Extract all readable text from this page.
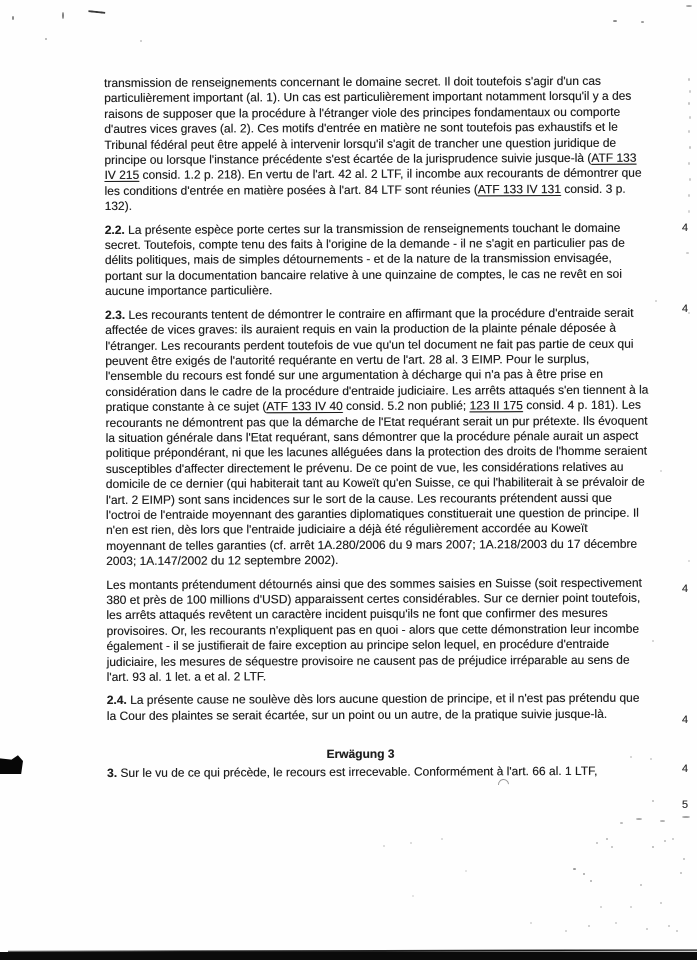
transmission de renseignements concernant le domaine secret. Il doit toutefois s'agir d'un cas particulièrement important (al. 1). Un cas est particulièrement important notamment lorsqu'il y a des raisons de supposer que la procédure à l'étranger viole des principes fondamentaux ou comporte d'autres vices graves (al. 2). Ces motifs d'entrée en matière ne sont toutefois pas exhaustifs et le Tribunal fédéral peut être appelé à intervenir lorsqu'il s'agit de trancher une question juridique de principe ou lorsque l'instance précédente s'est écartée de la jurisprudence suivie jusque-là (ATF 133 IV 215 consid. 1.2 p. 218). En vertu de l'art. 42 al. 2 LTF, il incombe aux recourants de démontrer que les conditions d'entrée en matière posées à l'art. 84 LTF sont réunies (ATF 133 IV 131 consid. 3 p. 132).
2.2. La présente espèce porte certes sur la transmission de renseignements touchant le domaine secret. Toutefois, compte tenu des faits à l'origine de la demande - il ne s'agit en particulier pas de délits politiques, mais de simples détournements - et de la nature de la transmission envisagée, portant sur la documentation bancaire relative à une quinzaine de comptes, le cas ne revêt en soi aucune importance particulière.
2.3. Les recourants tentent de démontrer le contraire en affirmant que la procédure d'entraide serait affectée de vices graves: ils auraient requis en vain la production de la plainte pénale déposée à l'étranger. Les recourants perdent toutefois de vue qu'un tel document ne fait pas partie de ceux qui peuvent être exigés de l'autorité requérante en vertu de l'art. 28 al. 3 EIMP. Pour le surplus, l'ensemble du recours est fondé sur une argumentation à décharge qui n'a pas à être prise en considération dans le cadre de la procédure d'entraide judiciaire. Les arrêts attaqués s'en tiennent à la pratique constante à ce sujet (ATF 133 IV 40 consid. 5.2 non publié; 123 II 175 consid. 4 p. 181). Les recourants ne démontrent pas que la démarche de l'Etat requérant serait un pur prétexte. Ils évoquent la situation générale dans l'Etat requérant, sans démontrer que la procédure pénale aurait un aspect politique prépondérant, ni que les lacunes alléguées dans la protection des droits de l'homme seraient susceptibles d'affecter directement le prévenu. De ce point de vue, les considérations relatives au domicile de ce dernier (qui habiterait tant au Koweït qu'en Suisse, ce qui l'habiliterait à se prévaloir de l'art. 2 EIMP) sont sans incidences sur le sort de la cause. Les recourants prétendent aussi que l'octroi de l'entraide moyennant des garanties diplomatiques constituerait une question de principe. Il n'en est rien, dès lors que l'entraide judiciaire a déjà été régulièrement accordée au Koweït moyennant de telles garanties (cf. arrêt 1A.280/2006 du 9 mars 2007; 1A.218/2003 du 17 décembre 2003; 1A.147/2002 du 12 septembre 2002).
Les montants prétendument détournés ainsi que des sommes saisies en Suisse (soit respectivement 380 et près de 100 millions d'USD) apparaissent certes considérables. Sur ce dernier point toutefois, les arrêts attaqués revêtent un caractère incident puisqu'ils ne font que confirmer des mesures provisoires. Or, les recourants n'expliquent pas en quoi - alors que cette démonstration leur incombe également - il se justifierait de faire exception au principe selon lequel, en procédure d'entraide judiciaire, les mesures de séquestre provisoire ne causent pas de préjudice irréparable au sens de l'art. 93 al. 1 let. a et al. 2 LTF.
2.4. La présente cause ne soulève dès lors aucune question de principe, et il n'est pas prétendu que la Cour des plaintes se serait écartée, sur un point ou un autre, de la pratique suivie jusque-là.
Erwägung 3
3. Sur le vu de ce qui précède, le recours est irrecevable. Conformément à l'art. 66 al. 1 LTF,
4
4
4
4
4
5
